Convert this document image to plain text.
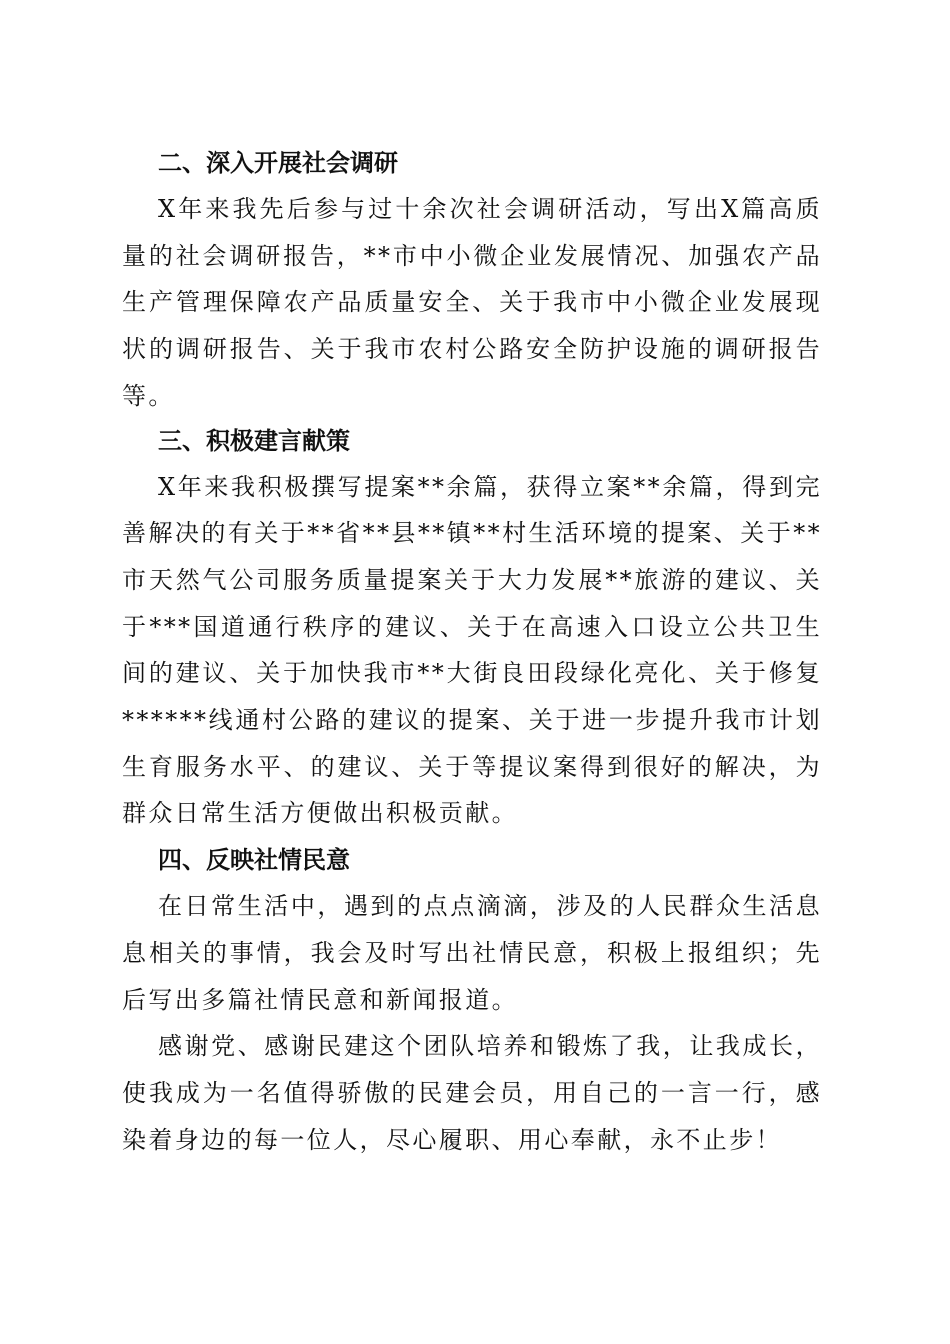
二、深入开展社会调研

X年来我先后参与过十余次社会调研活动，写出X篇高质量的社会调研报告，**市中小微企业发展情况、加强农产品生产管理保障农产品质量安全、关于我市中小微企业发展现状的调研报告、关于我市农村公路安全防护设施的调研报告等。

三、积极建言献策

X年来我积极撰写提案**余篇，获得立案**余篇，得到完善解决的有关于**省**县**镇**村生活环境的提案、关于**市天然气公司服务质量提案关于大力发展**旅游的建议、关于***国道通行秩序的建议、关于在高速入口设立公共卫生间的建议、关于加快我市**大街良田段绿化亮化、关于修复******线通村公路的建议的提案、关于进一步提升我市计划生育服务水平、的建议、关于等提议案得到很好的解决，为群众日常生活方便做出积极贡献。

四、反映社情民意

在日常生活中，遇到的点点滴滴，涉及的人民群众生活息息相关的事情，我会及时写出社情民意，积极上报组织；先后写出多篇社情民意和新闻报道。

感谢党、感谢民建这个团队培养和锻炼了我，让我成长，使我成为一名值得骄傲的民建会员，用自己的一言一行，感染着身边的每一位人，尽心履职、用心奉献，永不止步！
